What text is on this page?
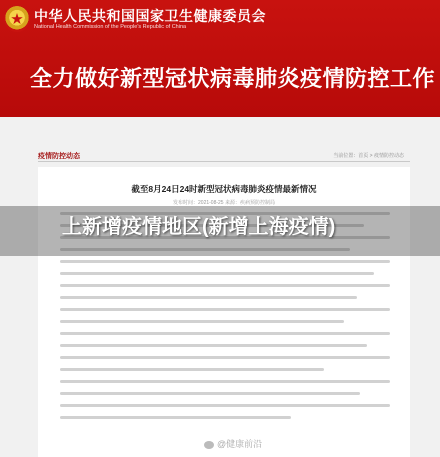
中华人民共和国国家卫生健康委员会
National Health Commission of the People's Republic of China
全力做好新型冠状病毒肺炎疫情防控工作
疫情防控动态	当前位置：首页 > 疫情防控动态
截至8月24日24时新型冠状病毒肺炎疫情最新情况
发布时间：2021-08-25 来源：疾病预防控制局
上新增疫情地区(新增上海疫情)
@健康前沿
